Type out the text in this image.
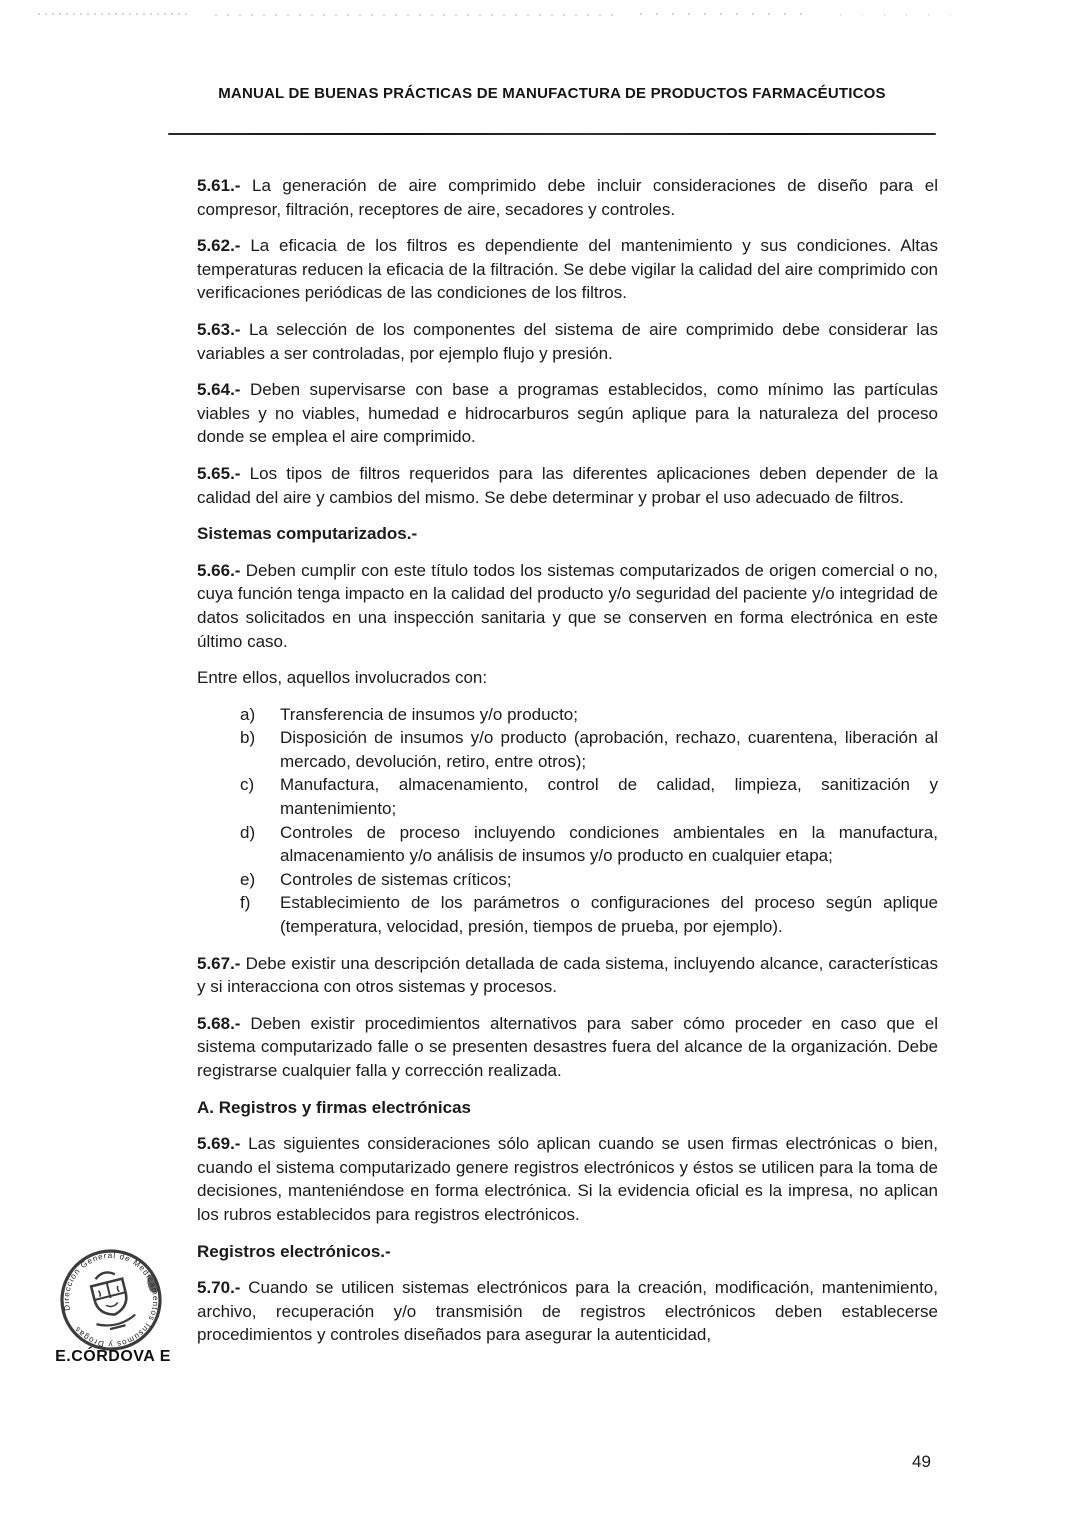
MANUAL DE BUENAS PRÁCTICAS DE MANUFACTURA DE PRODUCTOS FARMACÉUTICOS

5.61.- La generación de aire comprimido debe incluir consideraciones de diseño para el compresor, filtración, receptores de aire, secadores y controles.

5.62.- La eficacia de los filtros es dependiente del mantenimiento y sus condiciones. Altas temperaturas reducen la eficacia de la filtración. Se debe vigilar la calidad del aire comprimido con verificaciones periódicas de las condiciones de los filtros.

5.63.- La selección de los componentes del sistema de aire comprimido debe considerar las variables a ser controladas, por ejemplo flujo y presión.

5.64.- Deben supervisarse con base a programas establecidos, como mínimo las partículas viables y no viables, humedad e hidrocarburos según aplique para la naturaleza del proceso donde se emplea el aire comprimido.

5.65.- Los tipos de filtros requeridos para las diferentes aplicaciones deben depender de la calidad del aire y cambios del mismo. Se debe determinar y probar el uso adecuado de filtros.

Sistemas computarizados.-

5.66.- Deben cumplir con este título todos los sistemas computarizados de origen comercial o no, cuya función tenga impacto en la calidad del producto y/o seguridad del paciente y/o integridad de datos solicitados en una inspección sanitaria y que se conserven en forma electrónica en este último caso.

Entre ellos, aquellos involucrados con:

a)	Transferencia de insumos y/o producto;
b)	Disposición de insumos y/o producto (aprobación, rechazo, cuarentena, liberación al mercado, devolución, retiro, entre otros);
c)	Manufactura, almacenamiento, control de calidad, limpieza, sanitización y mantenimiento;
d)	Controles de proceso incluyendo condiciones ambientales en la manufactura, almacenamiento y/o análisis de insumos y/o producto en cualquier etapa;
e)	Controles de sistemas críticos;
f)	Establecimiento de los parámetros o configuraciones del proceso según aplique (temperatura, velocidad, presión, tiempos de prueba, por ejemplo).

5.67.- Debe existir una descripción detallada de cada sistema, incluyendo alcance, características y si interacciona con otros sistemas y procesos.

5.68.- Deben existir procedimientos alternativos para saber cómo proceder en caso que el sistema computarizado falle o se presenten desastres fuera del alcance de la organización. Debe registrarse cualquier falla y corrección realizada.

A. Registros y firmas electrónicas

5.69.- Las siguientes consideraciones sólo aplican cuando se usen firmas electrónicas o bien, cuando el sistema computarizado genere registros electrónicos y éstos se utilicen para la toma de decisiones, manteniéndose en forma electrónica. Si la evidencia oficial es la impresa, no aplican los rubros establecidos para registros electrónicos.

Registros electrónicos.-

5.70.- Cuando se utilicen sistemas electrónicos para la creación, modificación, mantenimiento, archivo, recuperación y/o transmisión de registros electrónicos deben establecerse procedimientos y controles diseñados para asegurar la autenticidad,

Dirección General de Medicamentos Insumos y Drogas
E.CÓRDOVA E
49
